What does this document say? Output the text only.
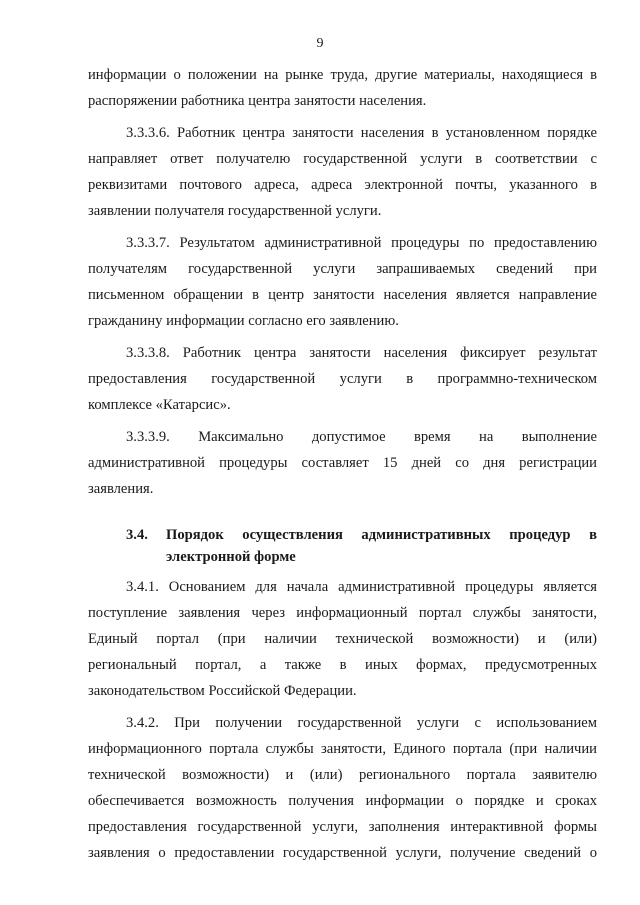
9
информации о положении на рынке труда, другие материалы, находящиеся в
распоряжении работника центра занятости населения.
3.3.3.6. Работник центра занятости населения в установленном порядке
направляет ответ получателю государственной услуги в соответствии с
реквизитами почтового адреса, адреса электронной почты, указанного в
заявлении получателя государственной услуги.
3.3.3.7. Результатом административной процедуры по предоставлению
получателям государственной услуги запрашиваемых сведений при
письменном обращении в центр занятости населения является направление
гражданину информации согласно его заявлению.
3.3.3.8. Работник центра занятости населения фиксирует результат
предоставления государственной услуги в программно-техническом
комплексе «Катарсис».
3.3.3.9. Максимально допустимое время на выполнение
административной процедуры составляет 15 дней со дня регистрации
заявления.
3.4.	Порядок осуществления административных процедур в
электронной форме
3.4.1. Основанием для начала административной процедуры является
поступление заявления через информационный портал службы занятости,
Единый портал (при наличии технической возможности) и (или)
региональный портал, а также в иных формах, предусмотренных
законодательством Российской Федерации.
3.4.2. При получении государственной услуги с использованием
информационного портала службы занятости, Единого портала (при наличии
технической возможности) и (или) регионального портала заявителю
обеспечивается возможность получения информации о порядке и сроках
предоставления государственной услуги, заполнения интерактивной формы
заявления о предоставлении государственной услуги, получение сведений о
